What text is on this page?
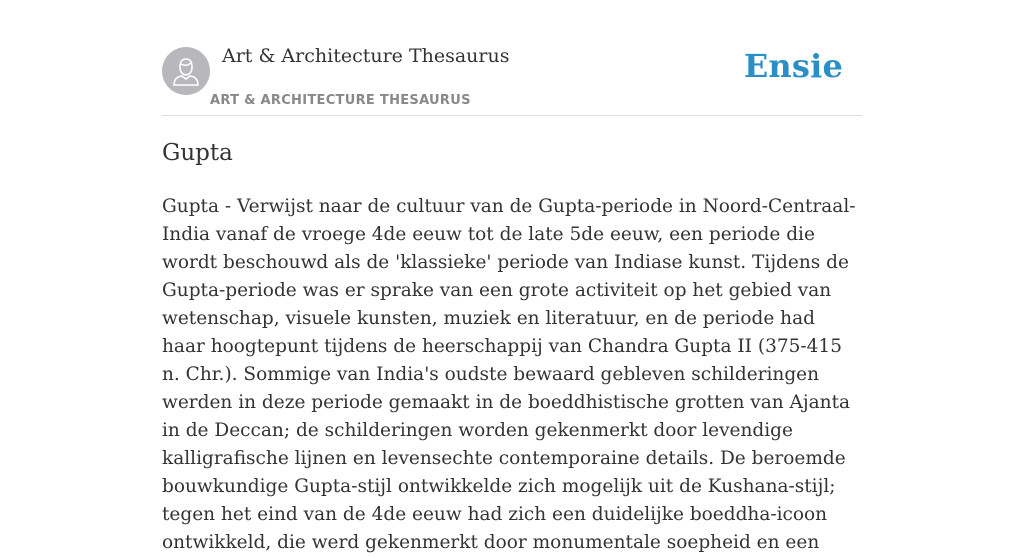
Art & Architecture Thesaurus
ART & ARCHITECTURE THESAURUS
Ensie
Gupta

Gupta - Verwijst naar de cultuur van de Gupta-periode in Noord-Centraal-India vanaf de vroege 4de eeuw tot de late 5de eeuw, een periode die wordt beschouwd als de 'klassieke' periode van Indiase kunst. Tijdens de Gupta-periode was er sprake van een grote activiteit op het gebied van wetenschap, visuele kunsten, muziek en literatuur, en de periode had haar hoogtepunt tijdens de heerschappij van Chandra Gupta II (375-415 n. Chr.). Sommige van India's oudste bewaard gebleven schilderingen werden in deze periode gemaakt in de boeddhistische grotten van Ajanta in de Deccan; de schilderingen worden gekenmerkt door levendige kalligrafische lijnen en levensechte contemporaine details. De beroemde bouwkundige Gupta-stijl ontwikkelde zich mogelijk uit de Kushana-stijl; tegen het eind van de 4de eeuw had zich een duidelijke boeddha-icoon ontwikkeld, die werd gekenmerkt door monumentale soepheid en een
